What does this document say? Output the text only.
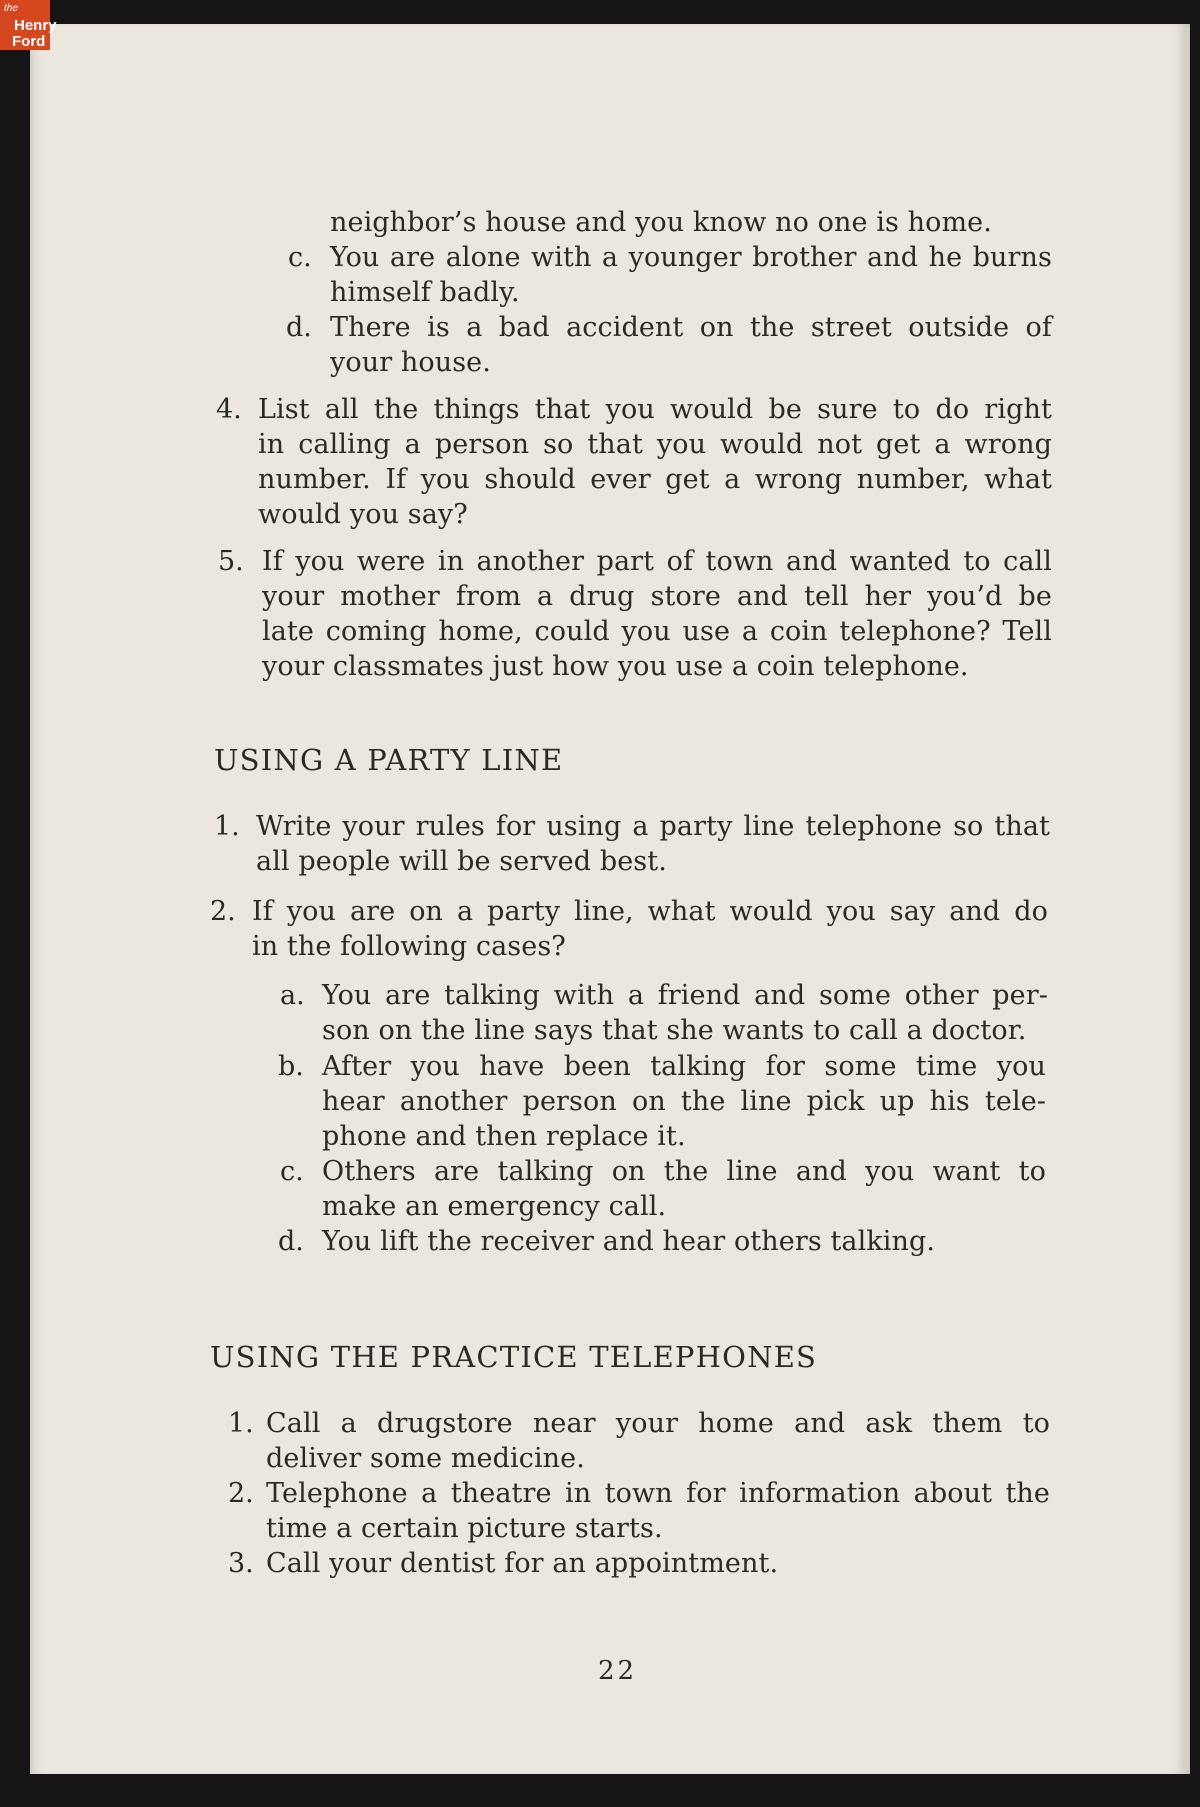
the
Henry
Ford
neighbor’s house and you know no one is home.
c. You are alone with a younger brother and he burns
himself badly.
d. There is a bad accident on the street outside of
your house.
4. List all the things that you would be sure to do right
in calling a person so that you would not get a wrong
number. If you should ever get a wrong number, what
would you say?
5. If you were in another part of town and wanted to call
your mother from a drug store and tell her you’d be
late coming home, could you use a coin telephone? Tell
your classmates just how you use a coin telephone.
USING A PARTY LINE
1. Write your rules for using a party line telephone so that
all people will be served best.
2. If you are on a party line, what would you say and do
in the following cases?
a. You are talking with a friend and some other per-
son on the line says that she wants to call a doctor.
b. After you have been talking for some time you
hear another person on the line pick up his tele-
phone and then replace it.
c. Others are talking on the line and you want to
make an emergency call.
d. You lift the receiver and hear others talking.
USING THE PRACTICE TELEPHONES
1. Call a drugstore near your home and ask them to
deliver some medicine.
2. Telephone a theatre in town for information about the
time a certain picture starts.
3. Call your dentist for an appointment.
22
